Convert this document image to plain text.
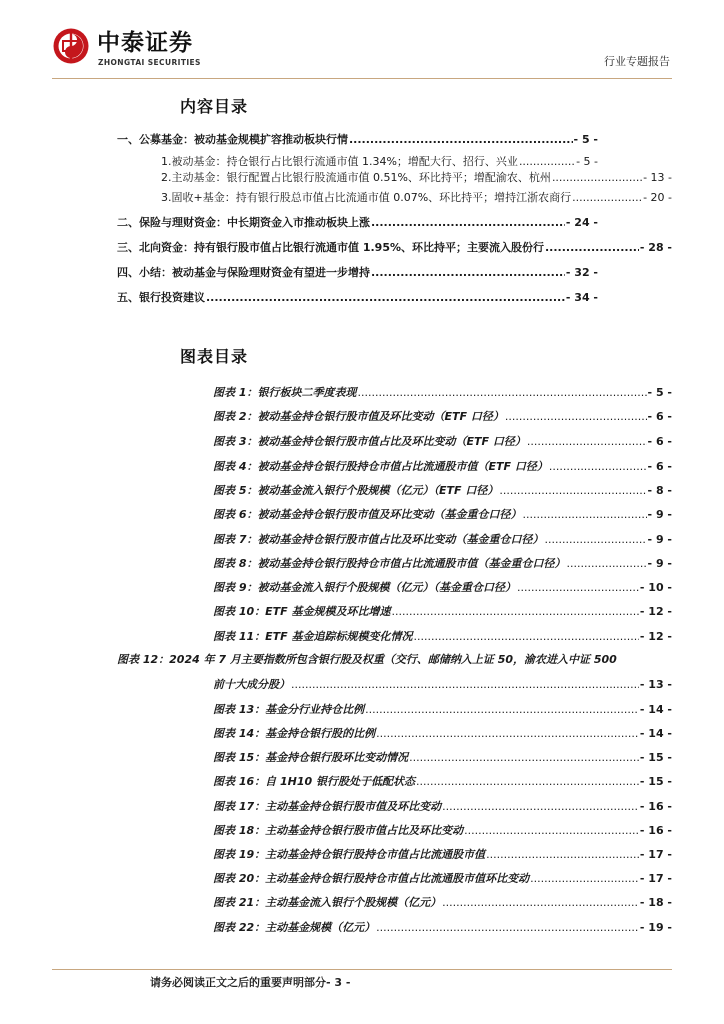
中泰证券
ZHONGTAI SECURITIES	行业专题报告
内容目录
一、公募基金：被动基金规模扩容推动板块行情 .....	- 5 -
1.被动基金：持仓银行占比银行流通市值 1.34%；增配大行、招行、兴业 .....	- 5 -
2.主动基金：银行配置占比银行股流通市值 0.51%、环比持平；增配渝农、杭州 .....	- 13 -
3.固收+基金：持有银行股总市值占比流通市值 0.07%、环比持平；增持江浙农商行 .....	- 20 -
二、保险与理财资金：中长期资金入市推动板块上涨 .....	- 24 -
三、北向资金：持有银行股市值占比银行流通市值 1.95%、环比持平；主要流入股份行 .....	- 28 -
四、小结：被动基金与保险理财资金有望进一步增持 .....	- 32 -
五、银行投资建议 .....	- 34 -
图表目录
图表 1：银行板块二季度表现 .....	- 5 -
图表 2：被动基金持仓银行股市值及环比变动（ETF 口径） .....	- 6 -
图表 3：被动基金持仓银行股市值占比及环比变动（ETF 口径） .....	- 6 -
图表 4：被动基金持仓银行股持仓市值占比流通股市值（ETF 口径） .....	- 6 -
图表 5：被动基金流入银行个股规模（亿元）（ETF 口径） .....	- 8 -
图表 6：被动基金持仓银行股市值及环比变动（基金重仓口径） .....	- 9 -
图表 7：被动基金持仓银行股市值占比及环比变动（基金重仓口径） .....	- 9 -
图表 8：被动基金持仓银行股持仓市值占比流通股市值（基金重仓口径） .....	- 9 -
图表 9：被动基金流入银行个股规模（亿元）（基金重仓口径） .....	- 10 -
图表 10：ETF 基金规模及环比增速 .....	- 12 -
图表 11：ETF 基金追踪标规模变化情况 .....	- 12 -
图表 12：2024 年 7 月主要指数所包含银行股及权重（交行、邮储纳入上证 50，渝农进入中证 500
前十大成分股） .....	- 13 -
图表 13：基金分行业持仓比例 .....	- 14 -
图表 14：基金持仓银行股的比例 .....	- 14 -
图表 15：基金持仓银行股环比变动情况 .....	- 15 -
图表 16：自 1H10 银行股处于低配状态 .....	- 15 -
图表 17：主动基金持仓银行股市值及环比变动 .....	- 16 -
图表 18：主动基金持仓银行股市值占比及环比变动 .....	- 16 -
图表 19：主动基金持仓银行股持仓市值占比流通股市值 .....	- 17 -
图表 20：主动基金持仓银行股持仓市值占比流通股市值环比变动 .....	- 17 -
图表 21：主动基金流入银行个股规模（亿元） .....	- 18 -
图表 22：主动基金规模（亿元） .....	- 19 -
请务必阅读正文之后的重要声明部分- 3 -
